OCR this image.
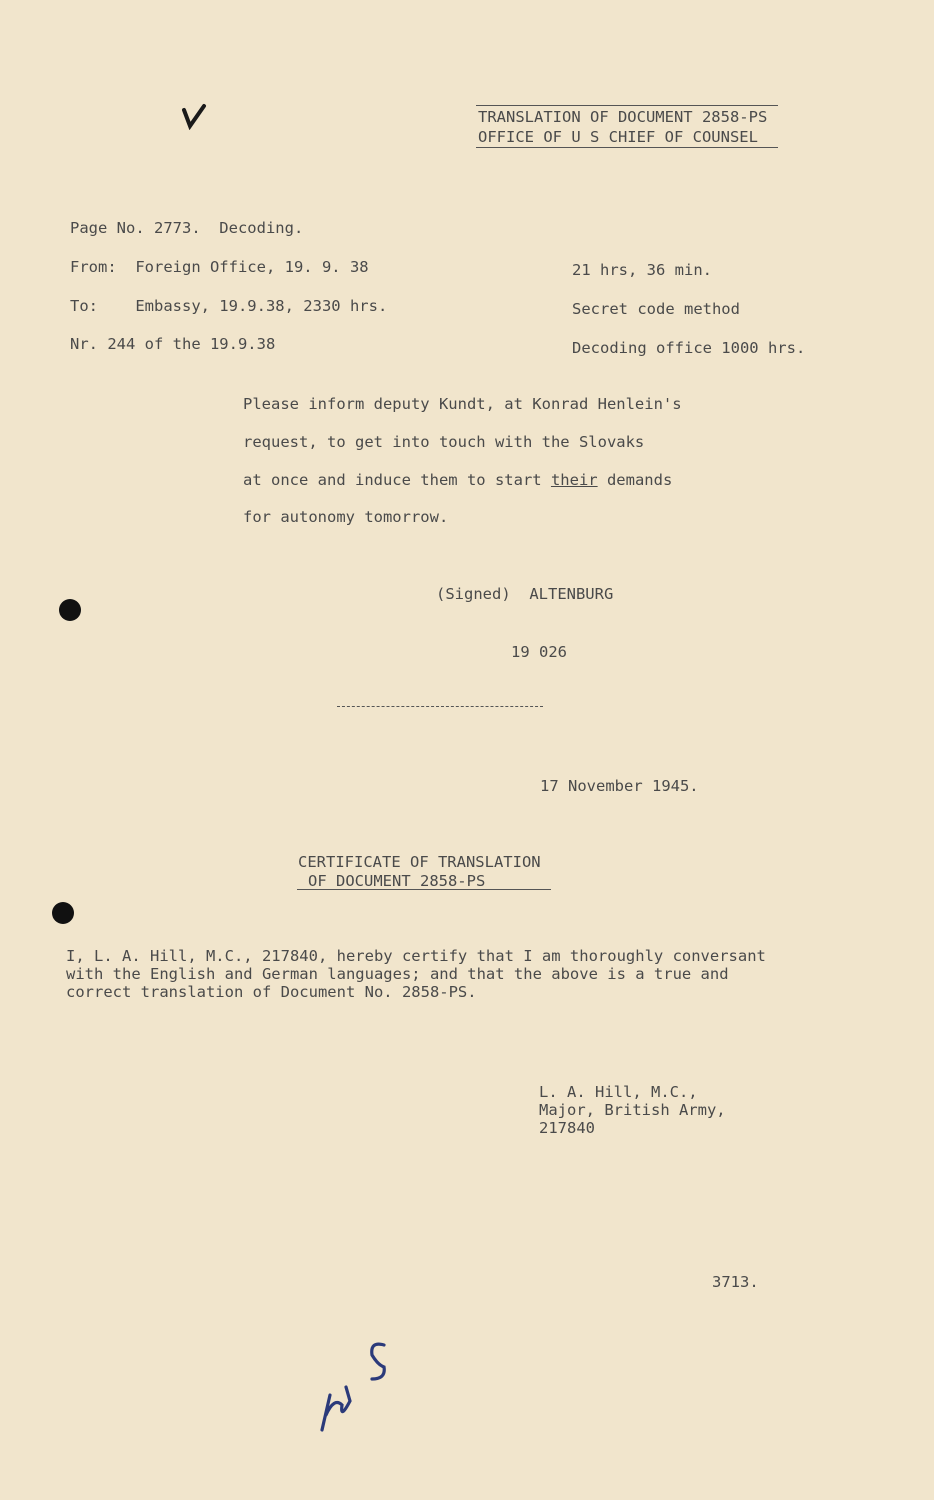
TRANSLATION OF DOCUMENT 2858-PS
OFFICE OF U S CHIEF OF COUNSEL
Page No. 2773.  Decoding.
From:  Foreign Office, 19. 9. 38
To:    Embassy, 19.9.38, 2330 hrs.
Nr. 244 of the 19.9.38
21 hrs, 36 min.
Secret code method
Decoding office 1000 hrs.
Please inform deputy Kundt, at Konrad Henlein's
request, to get into touch with the Slovaks
at once and induce them to start their demands
for autonomy tomorrow.
(Signed)  ALTENBURG
19 026
17 November 1945.
CERTIFICATE OF TRANSLATION
OF DOCUMENT 2858-PS
I, L. A. Hill, M.C., 217840, hereby certify that I am thoroughly conversant
with the English and German languages; and that the above is a true and
correct translation of Document No. 2858-PS.
L. A. Hill, M.C.,
Major, British Army,
217840
3713.
